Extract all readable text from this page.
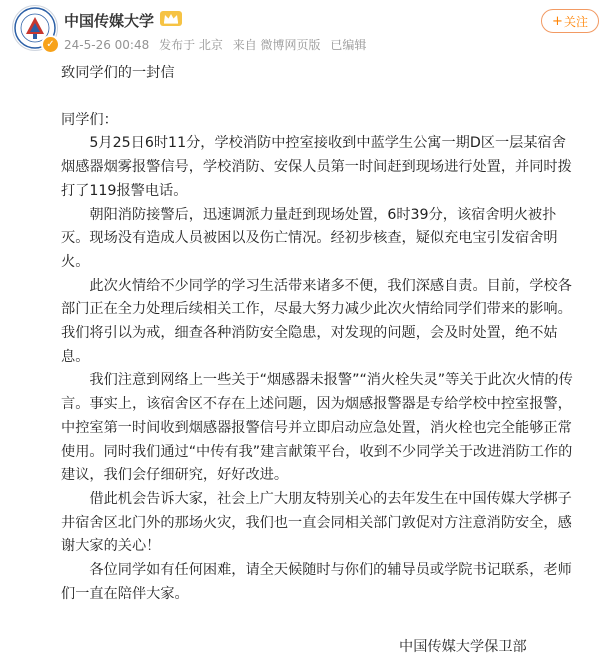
✓
中国传媒大学
24-5-26 00:48 发布于 北京 来自 微博网页版 已编辑
+ 关注

致同学们的一封信

同学们：

　　5月25日6时11分，学校消防中控室接收到中蓝学生公寓一期D区一层某宿舍

烟感器烟雾报警信号，学校消防、安保人员第一时间赶到现场进行处置，并同时拨

打了119报警电话。

　　朝阳消防接警后，迅速调派力量赶到现场处置，6时39分，该宿舍明火被扑

灭。现场没有造成人员被困以及伤亡情况。经初步核查，疑似充电宝引发宿舍明

火。

　　此次火情给不少同学的学习生活带来诸多不便，我们深感自责。目前，学校各

部门正在全力处理后续相关工作，尽最大努力减少此次火情给同学们带来的影响。

我们将引以为戒，细查各种消防安全隐患，对发现的问题，会及时处置，绝不姑

息。

　　我们注意到网络上一些关于“烟感器未报警”“消火栓失灵”等关于此次火情的传

言。事实上，该宿舍区不存在上述问题，因为烟感报警器是专给学校中控室报警，

中控室第一时间收到烟感器报警信号并立即启动应急处置，消火栓也完全能够正常

使用。同时我们通过“中传有我”建言献策平台，收到不少同学关于改进消防工作的

建议，我们会仔细研究，好好改进。

　　借此机会告诉大家，社会上广大朋友特别关心的去年发生在中国传媒大学梆子

井宿舍区北门外的那场火灾，我们也一直会同相关部门敦促对方注意消防安全，感

谢大家的关心！

　　各位同学如有任何困难，请全天候随时与你们的辅导员或学院书记联系，老师

们一直在陪伴大家。

中国传媒大学保卫部
